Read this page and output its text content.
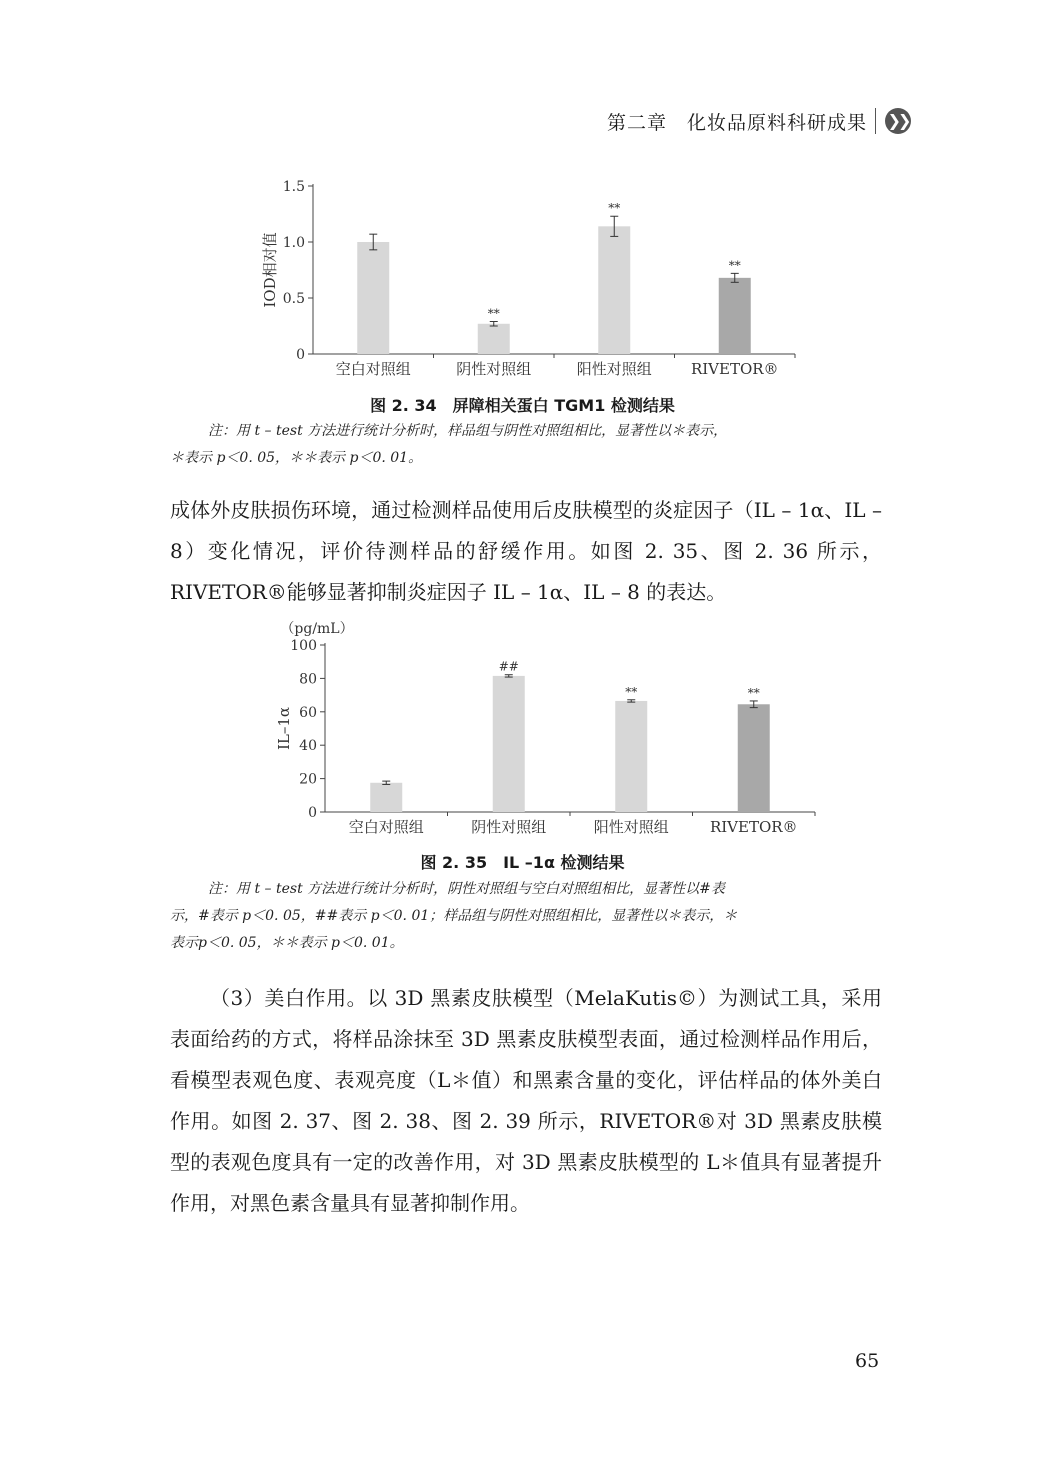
第二章　化妆品原料科研成果 ❯❯
0
0.5
1.0
1.5
空白对照组
**
阴性对照组
**
阳性对照组
**
RIVETOR®
IOD相对值
图 2. 34　屏障相关蛋白 TGM1 检测结果
注：用 t – test 方法进行统计分析时，样品组与阴性对照组相比，显著性以＊表示，
＊表示 p＜0. 05，＊＊表示 p＜0. 01。
成体外皮肤损伤环境，通过检测样品使用后皮肤模型的炎症因子（IL – 1α、IL – 8）变化情况，评价待测样品的舒缓作用。如图 2. 35、图 2. 36 所示，RIVETOR®能够显著抑制炎症因子 IL – 1α、IL – 8 的表达。
0
20
40
60
80
100
空白对照组
##
阴性对照组
**
阳性对照组
**
RIVETOR®
IL–1α
（pg/mL）
图 2. 35　IL –1α 检测结果
注：用 t – test 方法进行统计分析时，阴性对照组与空白对照组相比，显著性以#表
示，#表示 p＜0. 05，##表示 p＜0. 01；样品组与阴性对照组相比，显著性以＊表示，＊
表示p＜0. 05，＊＊表示 p＜0. 01。
（3）美白作用。以 3D 黑素皮肤模型（MelaKutis©）为测试工具，采用表面给药的方式，将样品涂抹至 3D 黑素皮肤模型表面，通过检测样品作用后，看模型表观色度、表观亮度（L＊值）和黑素含量的变化，评估样品的体外美白作用。如图 2. 37、图 2. 38、图 2. 39 所示，RIVETOR®对 3D 黑素皮肤模型的表观色度具有一定的改善作用，对 3D 黑素皮肤模型的 L＊值具有显著提升作用，对黑色素含量具有显著抑制作用。
65
